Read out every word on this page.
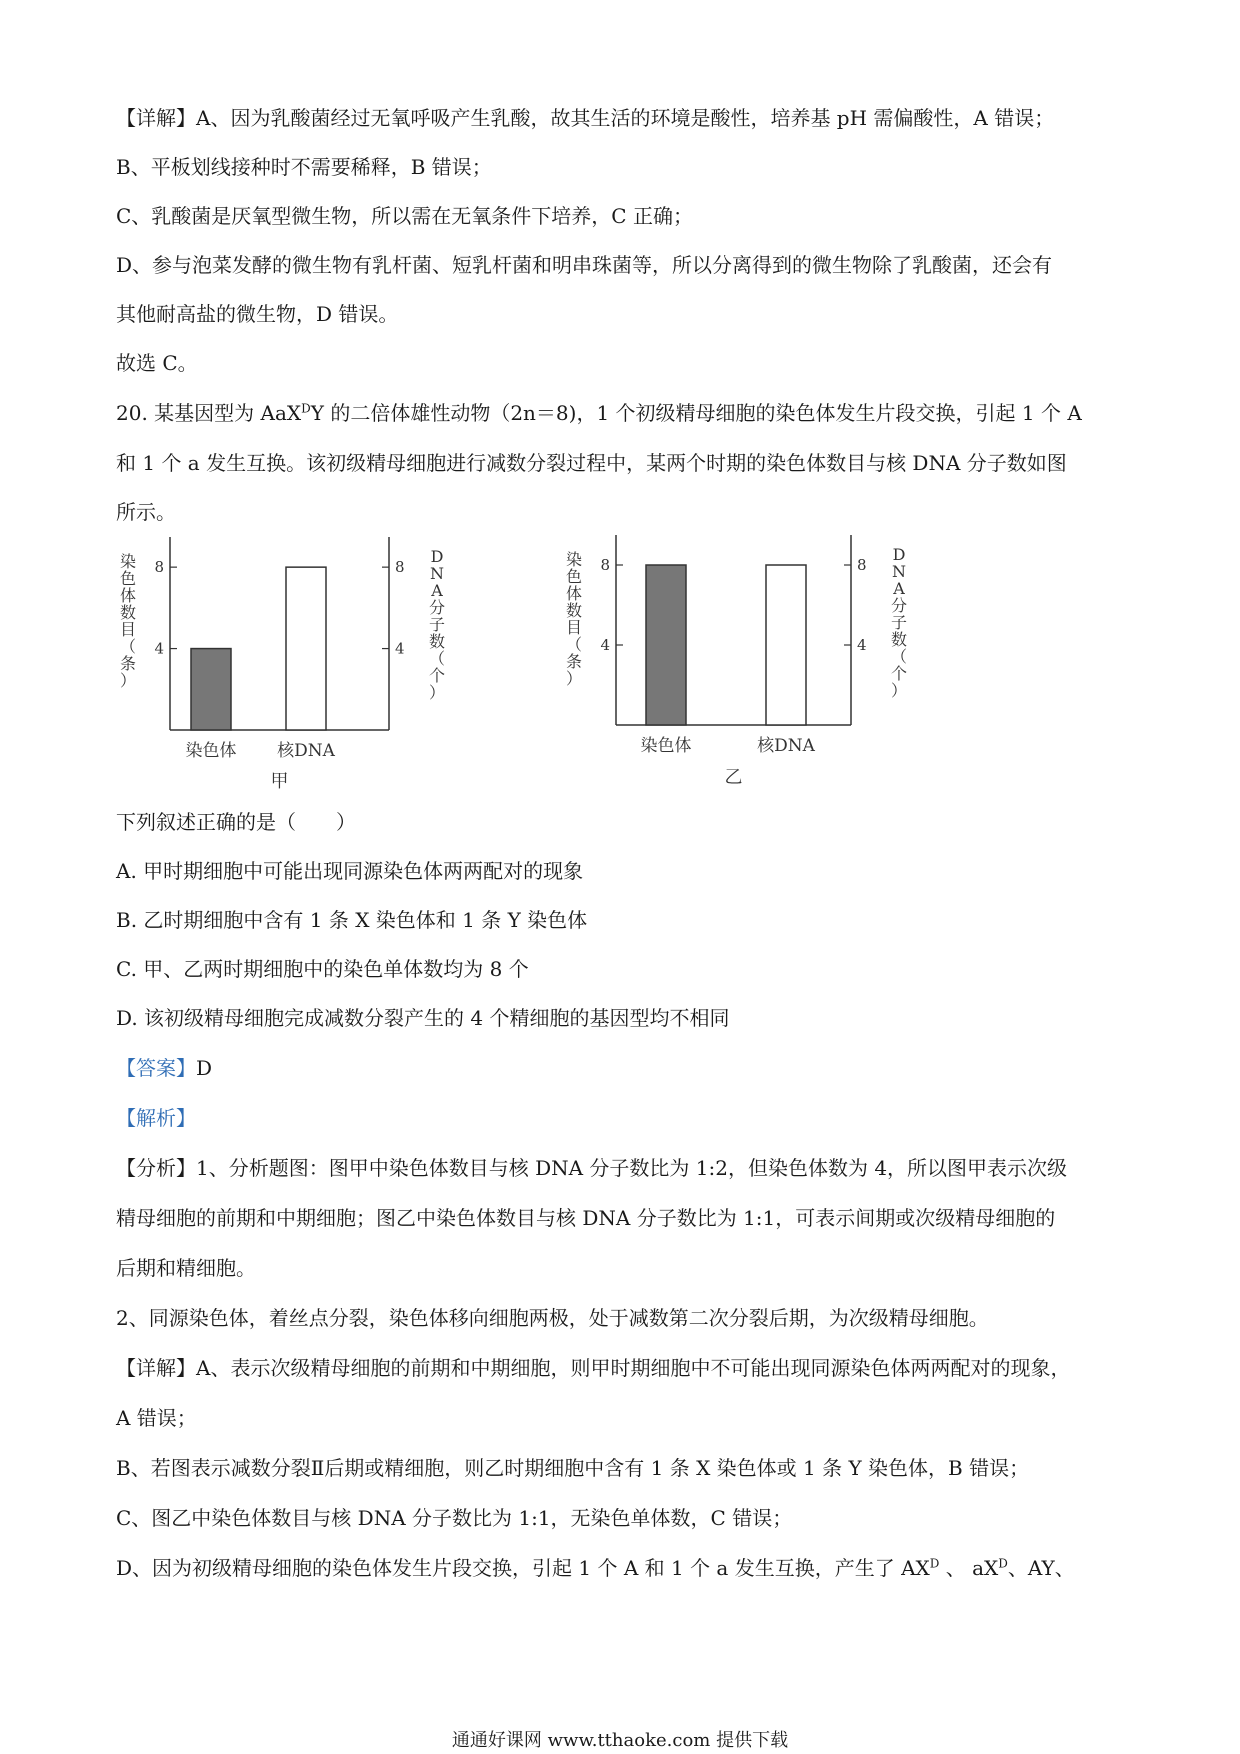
【详解】A、因为乳酸菌经过无氧呼吸产生乳酸，故其生活的环境是酸性，培养基 pH 需偏酸性，A 错误；
B、平板划线接种时不需要稀释，B 错误；
C、乳酸菌是厌氧型微生物，所以需在无氧条件下培养，C 正确；
D、参与泡菜发酵的微生物有乳杆菌、短乳杆菌和明串珠菌等，所以分离得到的微生物除了乳酸菌，还会有
其他耐高盐的微生物，D 错误。
故选 C。
20. 某基因型为 AaX$^D$Y 的二倍体雄性动物（2n＝8)，1 个初级精母细胞的染色体发生片段交换，引起 1 个 A
和 1 个 a 发生互换。该初级精母细胞进行减数分裂过程中，某两个时期的染色体数目与核 DNA 分子数如图
所示。
4	4
8	8
染色体 核DNA
染
色
体
数
目
（
条
）
D
N
A
分
子
数
（
个
）
甲
4	4
8	8
染色体	核DNA
染
色
体
数
目
（
条
）
D
N
A
分
子
数
（
个
）
乙
下列叙述正确的是（　　）
A. 甲时期细胞中可能出现同源染色体两两配对的现象
B. 乙时期细胞中含有 1 条 X 染色体和 1 条 Y 染色体
C. 甲、乙两时期细胞中的染色单体数均为 8 个
D. 该初级精母细胞完成减数分裂产生的 4 个精细胞的基因型均不相同
【答案】D
【解析】
【分析】1、分析题图：图甲中染色体数目与核 DNA 分子数比为 1:2，但染色体数为 4，所以图甲表示次级
精母细胞的前期和中期细胞；图乙中染色体数目与核 DNA 分子数比为 1:1，可表示间期或次级精母细胞的
后期和精细胞。
2、同源染色体，着丝点分裂，染色体移向细胞两极，处于减数第二次分裂后期，为次级精母细胞。
【详解】A、表示次级精母细胞的前期和中期细胞，则甲时期细胞中不可能出现同源染色体两两配对的现象，
A 错误；
B、若图表示减数分裂Ⅱ后期或精细胞，则乙时期细胞中含有 1 条 X 染色体或 1 条 Y 染色体，B 错误；
C、图乙中染色体数目与核 DNA 分子数比为 1:1，无染色单体数，C 错误；
D、因为初级精母细胞的染色体发生片段交换，引起 1 个 A 和 1 个 a 发生互换，产生了 $AX^D$ 、 $aX^D$、AY、
通通好课网 www.tthaoke.com 提供下载
